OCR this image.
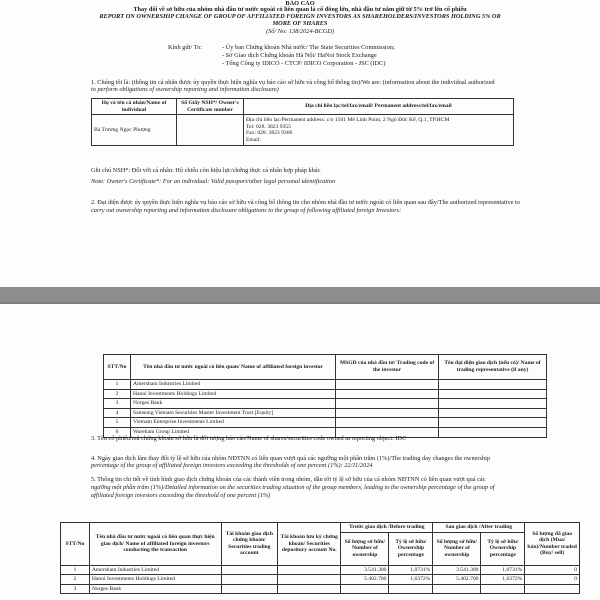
BÁO CÁO
Thay đổi về sở hữu của nhóm nhà đầu tư nước ngoài có liên quan là cổ đông lớn, nhà đầu tư nắm giữ từ 5% trở lên cổ phiếu
REPORT ON OWNERSHIP CHANGE OF GROUP OF AFFILIATED FOREIGN INVESTORS AS SHAREHOLDERS/INVESTORS HOLDING 5% OR
MORE OF SHARES
(Số/ No: 138/2024-BCGD)
Kính gửi/ To:	- Ủy ban Chứng khoán Nhà nước/ The State Securities Commission;
- Sở Giao dịch Chứng khoán Hà Nội/ HaNoi Stock Exchange
- Tổng Công ty IDICO - CTCP/ IDICO Corporation - JSC (IDC)
1. Chúng tôi là: (thông tin cá nhân được ủy quyền thực hiện nghĩa vụ báo cáo sở hữu và công bố thông tin)/We are: (information about the individual authorized
to perform obligations of ownership reporting and information disclosure)
Họ và tên cá nhân/Name of individual	Số Giấy NSH*/ Owner's Certificate number	Địa chỉ liên lạc/tel/fax/email/ Permanent address/tel/fax/email
Bà Trương Ngọc Phượng		Địa chỉ liên lạc/Permanent address: c/o 1501 Mê Linh Point, 2 Ngô Đức Kế, Q.1, TP.HCM
Tel: 028. 3823 9355
Fax: 028. 3823 9366
Email:
Ghi chú NSH*: Đối với cá nhân: Hộ chiếu còn hiệu lực/chứng thực cá nhân hợp pháp khác
Note: Owner's Certificate*: For an individual: Valid passport/other legal personal identification
2. Đại diện được ủy quyền thực hiện nghĩa vụ báo cáo sở hữu và công bố thông tin cho nhóm nhà đầu tư nước ngoài có liên quan sau đây/The authorized representative to
carry out ownership reporting and information disclosure obligations to the group of following affiliated foreign Investors:
STT/No	Tên nhà đầu tư nước ngoài có liên quan/ Name of affiliated foreign investor	MSGD của nhà đầu tư/ Trading code of the investor	Tên đại diện giao dịch (nếu có)/ Name of trading representative (if any)
1	Amersham Industries Limited		
2	Hanoi Investments Holdings Limited		
3	Norges Bank		
4	Samsung Vietnam Securities Master Investment Trust [Equity]		
5	Vietnam Enterprise Investments Limited		
6	Wareham Group Limited		
3. Tên cổ phiếu/mã chứng khoán sở hữu là đối tượng báo cáo/Name of shares/securities code owned as reporting object: IDC
4. Ngày giao dịch làm thay đổi tỷ lệ sở hữu của nhóm NĐTNN có liên quan vượt quá các ngưỡng một phần trăm (1%)/The trading day changes the ownership
percentage of the group of affiliated foreign investors exceeding the thresholds of one percent (1%): 22/11/2024
5. Thông tin chi tiết về tình hình giao dịch chứng khoán của các thành viên trong nhóm, dẫn tới tỷ lệ sở hữu của cả nhóm NĐTNN có liên quan vượt quá các
ngưỡng một phần trăm (1%)/Detailed information on the securities trading situation of the group members, leading to the ownership percentage of the group of
affiliated foreign investors exceeding the threshold of one percent (1%)
STT/No	Tên nhà đầu tư nước ngoài có liên quan thực hiện giao dịch/ Name of affiliated foreign investors conducting the transaction	Tài khoản giao dịch chứng khoán/ Securities trading account	Tài khoản lưu ký chứng khoán/ Securities depository account No.	Trước giao dịch /Before trading		Sau giao dịch /After trading		Số lượng đã giao dịch (Mua/ bán)/Number traded (Buy/ sell)
				Số lượng sở hữu/ Number of ownership	Tỷ lệ sở hữu/ Ownership percentage	Số lượng sở hữu/ Number of ownership	Tỷ lệ sở hữu/ Ownership percentage	
1	Amersham Industries Limited			3.541.300	1,0731%	3.541.300	1,0731%	0
2	Hanoi Investments Holdings Limited			5.402.700	1,6372%	5.402.700	1,6372%	0
3	Norges Bank							
